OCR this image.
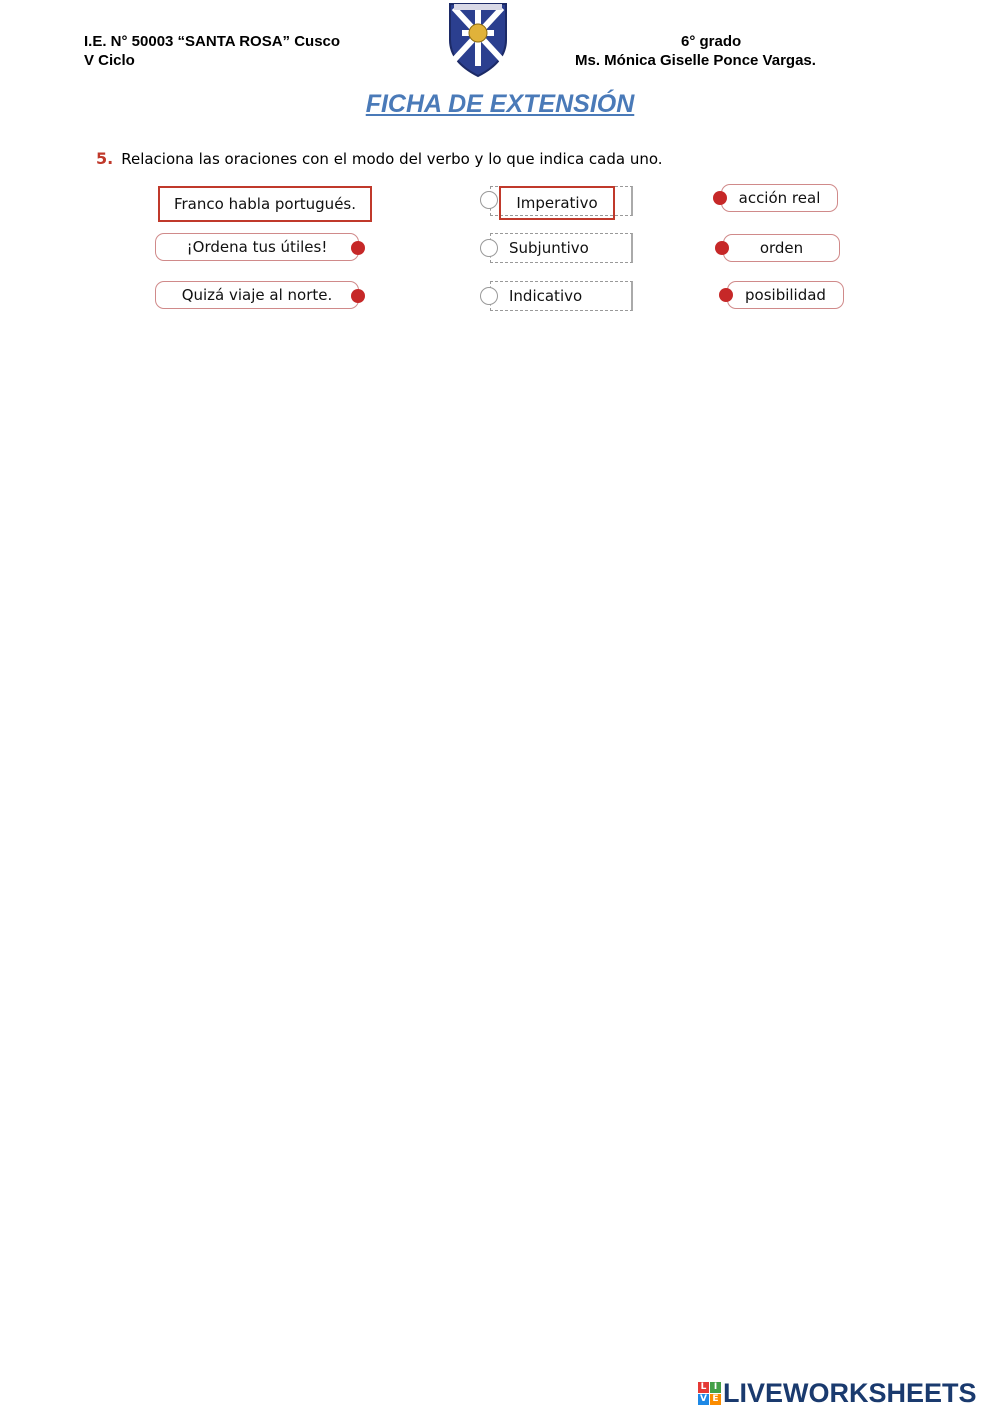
I.E. N° 50003 “SANTA ROSA” Cusco
V Ciclo
6° grado
Ms. Mónica Giselle Ponce Vargas.
FICHA DE EXTENSIÓN
5. Relaciona las oraciones con el modo del verbo y lo que indica cada uno.
Franco habla portugués.
¡Ordena tus útiles!
Quizá viaje al norte.
Imperativo
Subjuntivo
Indicativo
acción real
orden
posibilidad
L I
V E LIVEWORKSHEETS
